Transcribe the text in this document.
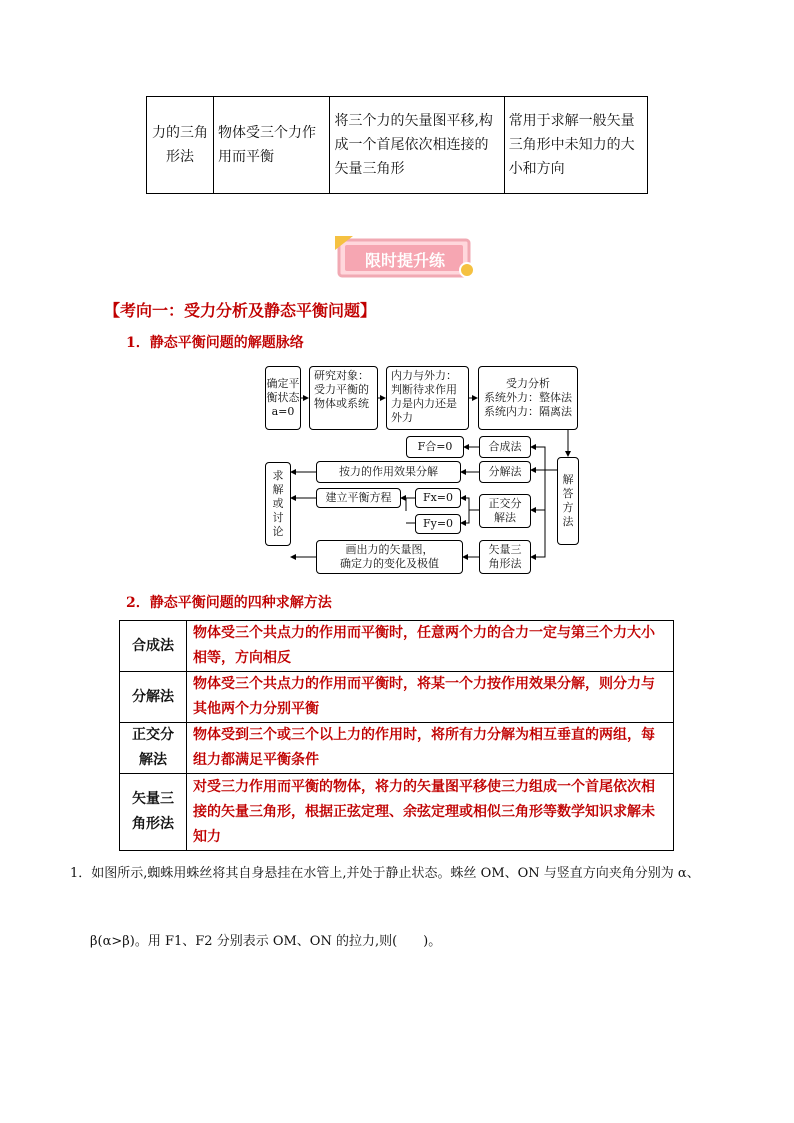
力的三角形法	物体受三个力作用而平衡	将三个力的矢量图平移,构成一个首尾依次相连接的矢量三角形	常用于求解一般矢量三角形中未知力的大小和方向
限时提升练
【考向一：受力分析及静态平衡问题】
1．静态平衡问题的解题脉络
确定平衡状态a=0
研究对象：受力平衡的物体或系统
内力与外力：判断待求作用力是内力还是外力
受力分析
系统外力：整体法
系统内力：隔离法
解答方法
合成法
F合=0
分解法
按力的作用效果分解
正交分解法
Fx=0
Fy=0
建立平衡方程
矢量三角形法
画出力的矢量图，
确定力的变化及极值
求解或讨论
2．静态平衡问题的四种求解方法
合成法	物体受三个共点力的作用而平衡时，任意两个力的合力一定与第三个力大小相等，方向相反
分解法	物体受三个共点力的作用而平衡时，将某一个力按作用效果分解，则分力与其他两个力分别平衡
正交分解法	物体受到三个或三个以上力的作用时，将所有力分解为相互垂直的两组，每组力都满足平衡条件
矢量三角形法	对受三力作用而平衡的物体，将力的矢量图平移使三力组成一个首尾依次相接的矢量三角形，根据正弦定理、余弦定理或相似三角形等数学知识求解未知力
1．如图所示,蜘蛛用蛛丝将其自身悬挂在水管上,并处于静止状态。蛛丝 OM、ON 与竖直方向夹角分别为 α、
β(α>β)。用 F1、F2 分别表示 OM、ON 的拉力,则(　　)。
